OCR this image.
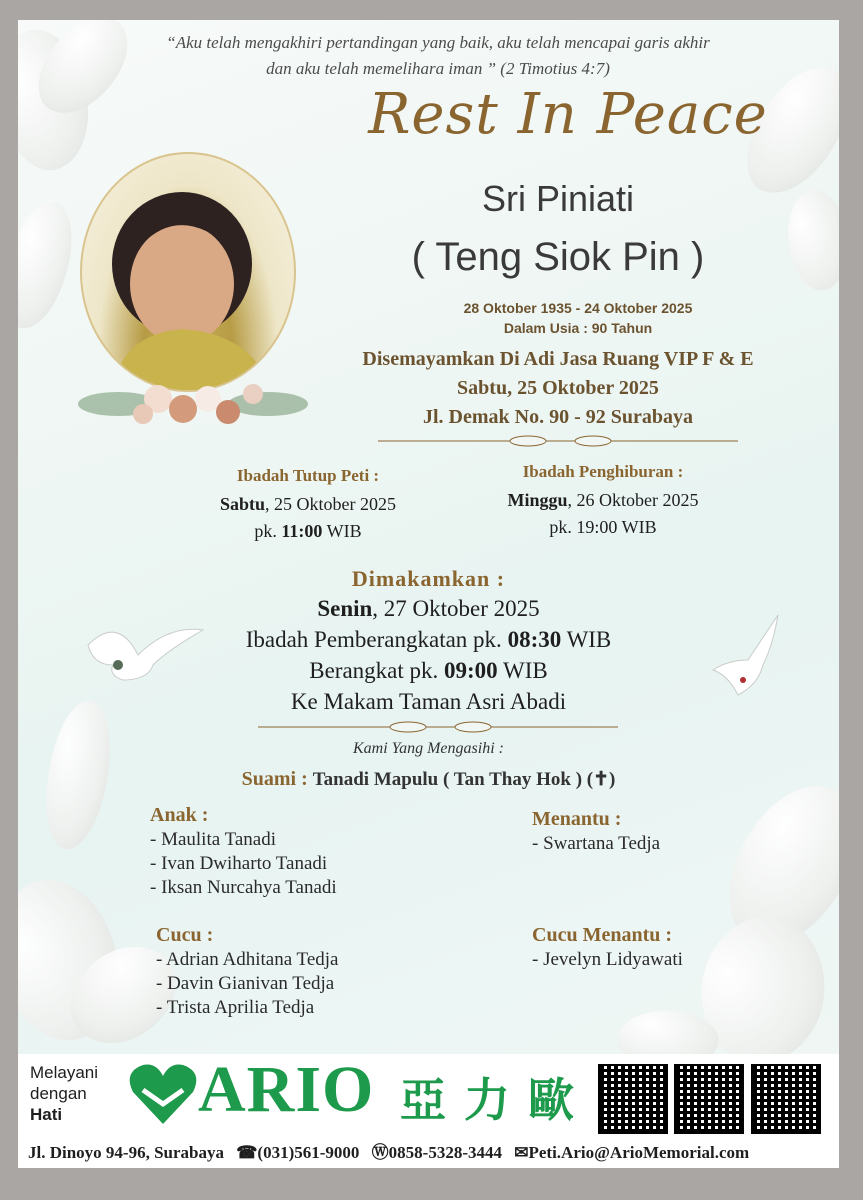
“Aku telah mengakhiri pertandingan yang baik, aku telah mencapai garis akhir
dan aku telah memelihara iman ” (2 Timotius 4:7)
Rest In Peace
Sri Piniati
( Teng Siok Pin )
28 Oktober 1935 - 24 Oktober 2025
Dalam Usia : 90 Tahun
Disemayamkan Di Adi Jasa Ruang VIP F & E
Sabtu, 25 Oktober 2025
Jl. Demak No. 90 - 92 Surabaya
Ibadah Tutup Peti :
Sabtu, 25 Oktober 2025
pk. 11:00 WIB
Ibadah Penghiburan :
Minggu, 26 Oktober 2025
pk. 19:00 WIB
Dimakamkan :
Senin, 27 Oktober 2025
Ibadah Pemberangkatan pk. 08:30 WIB
Berangkat pk. 09:00 WIB
Ke Makam Taman Asri Abadi
Kami Yang Mengasihi :
Suami : Tanadi Mapulu ( Tan Thay Hok ) (✝)
Anak :
- Maulita Tanadi
- Ivan Dwiharto Tanadi
- Iksan Nurcahya Tanadi
Menantu :
- Swartana Tedja
Cucu :
- Adrian Adhitana Tedja
- Davin Gianivan Tedja
- Trista Aprilia Tedja
Cucu Menantu :
- Jevelyn Lidyawati
Melayani
dengan
Hati	ARIO 亞力歐
Jl. Dinoyo 94-96, Surabaya ☎(031)561-9000 Ⓦ0858-5328-3444 ✉Peti.Ario@ArioMemorial.com
